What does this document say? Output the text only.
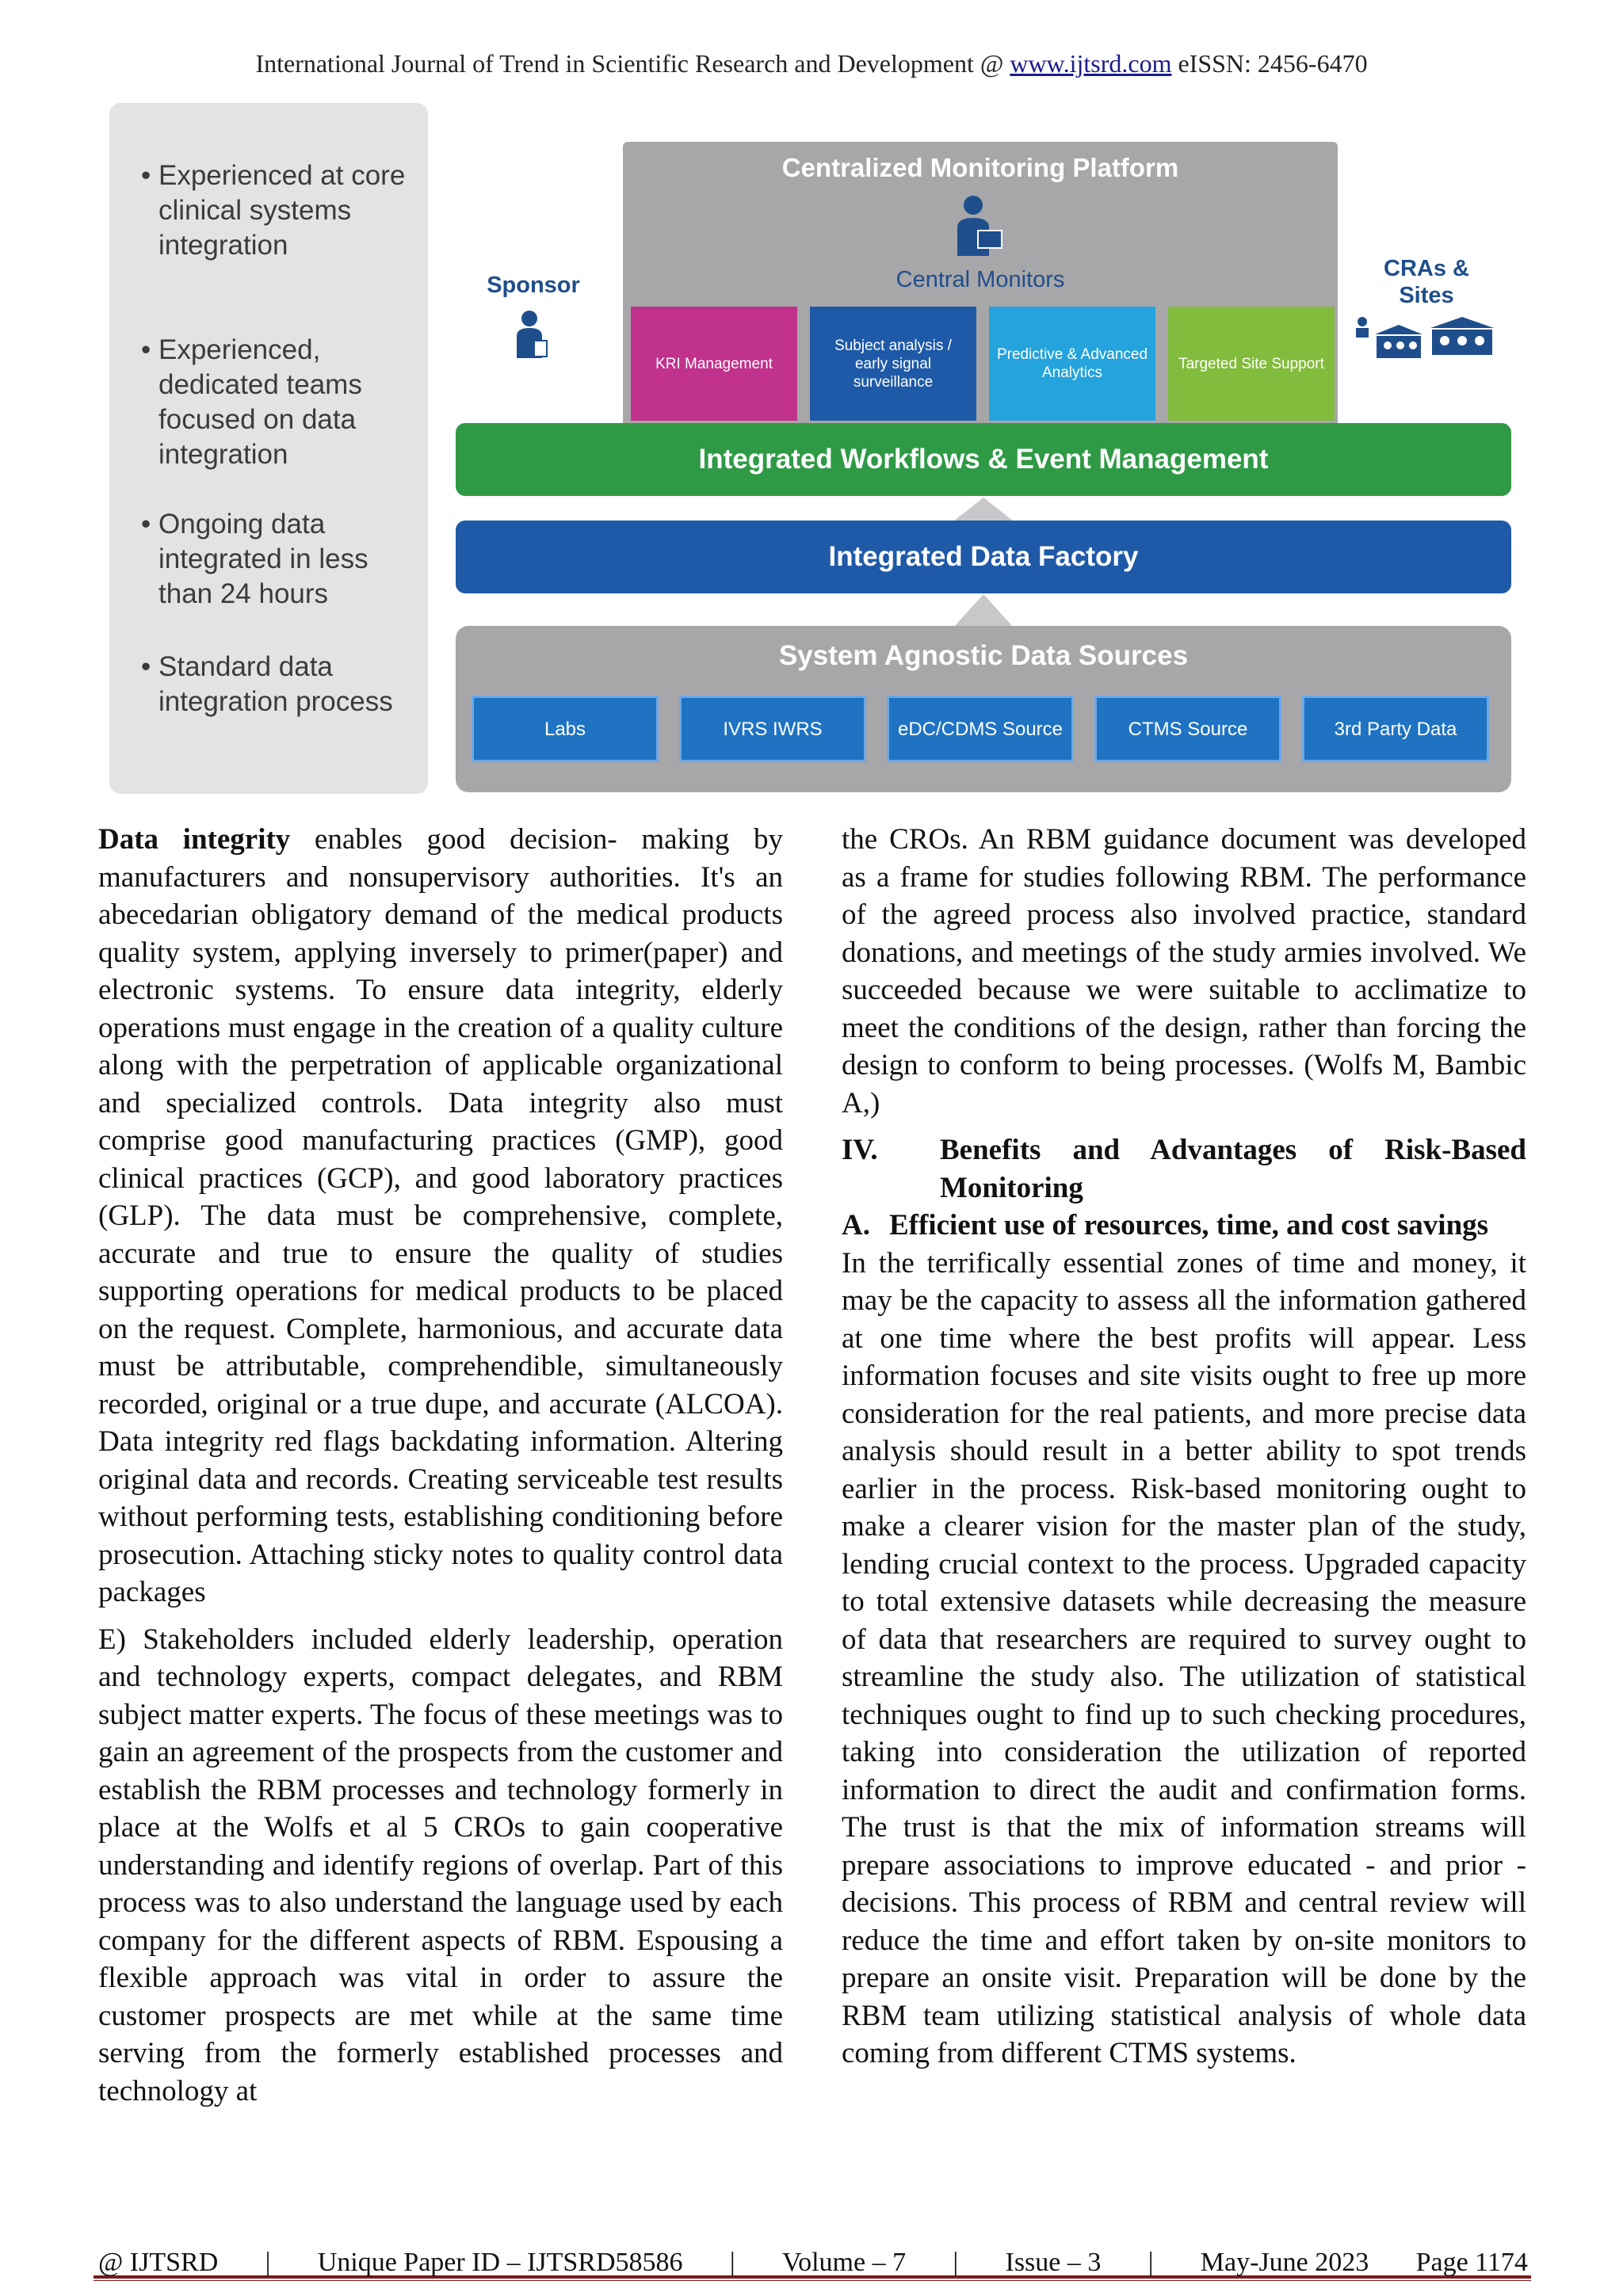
International Journal of Trend in Scientific Research and Development @ www.ijtsrd.com eISSN: 2456-6470
• Experienced at core clinical systems integration
• Experienced, dedicated teams focused on data integration
• Ongoing data integrated in less than 24 hours
• Standard data integration process
Sponsor
Centralized Monitoring Platform
Central Monitors
KRI Management
Subject analysis / early signal surveillance
Predictive & Advanced Analytics
Targeted Site Support
CRAs & Sites
Integrated Workflows & Event Management
Integrated Data Factory
System Agnostic Data Sources
Labs	IVRS IWRS	eDC/CDMS Source	CTMS Source	3rd Party Data

Data integrity enables good decision- making by manufacturers and nonsupervisory authorities. It's an abecedarian obligatory demand of the medical products quality system, applying inversely to primer(paper) and electronic systems. To ensure data integrity, elderly operations must engage in the creation of a quality culture along with the perpetration of applicable organizational and specialized controls. Data integrity also must comprise good manufacturing practices (GMP), good clinical practices (GCP), and good laboratory practices (GLP). The data must be comprehensive, complete, accurate and true to ensure the quality of studies supporting operations for medical products to be placed on the request. Complete, harmonious, and accurate data must be attributable, comprehendible, simultaneously recorded, original or a true dupe, and accurate (ALCOA). Data integrity red flags backdating information. Altering original data and records. Creating serviceable test results without performing tests, establishing conditioning before prosecution. Attaching sticky notes to quality control data packages

E) Stakeholders included elderly leadership, operation and technology experts, compact delegates, and RBM subject matter experts. The focus of these meetings was to gain an agreement of the prospects from the customer and establish the RBM processes and technology formerly in place at the Wolfs et al 5 CROs to gain cooperative understanding and identify regions of overlap. Part of this process was to also understand the language used by each company for the different aspects of RBM. Espousing a flexible approach was vital in order to assure the customer prospects are met while at the same time serving from the formerly established processes and technology at

the CROs. An RBM guidance document was developed as a frame for studies following RBM. The performance of the agreed process also involved practice, standard donations, and meetings of the study armies involved. We succeeded because we were suitable to acclimatize to meet the conditions of the design, rather than forcing the design to conform to being processes. (Wolfs M, Bambic A,)

IV.	Benefits and Advantages of Risk-Based Monitoring
A. Efficient use of resources, time, and cost savings

In the terrifically essential zones of time and money, it may be the capacity to assess all the information gathered at one time where the best profits will appear. Less information focuses and site visits ought to free up more consideration for the real patients, and more precise data analysis should result in a better ability to spot trends earlier in the process. Risk-based monitoring ought to make a clearer vision for the master plan of the study, lending crucial context to the process. Upgraded capacity to total extensive datasets while decreasing the measure of data that researchers are required to survey ought to streamline the study also. The utilization of statistical techniques ought to find up to such checking procedures, taking into consideration the utilization of reported information to direct the audit and confirmation forms. The trust is that the mix of information streams will prepare associations to improve educated - and prior - decisions. This process of RBM and central review will reduce the time and effort taken by on-site monitors to prepare an onsite visit. Preparation will be done by the RBM team utilizing statistical analysis of whole data coming from different CTMS systems.

@ IJTSRD | Unique Paper ID – IJTSRD58586 | Volume – 7 | Issue – 3 | May-June 2023 Page 1174
